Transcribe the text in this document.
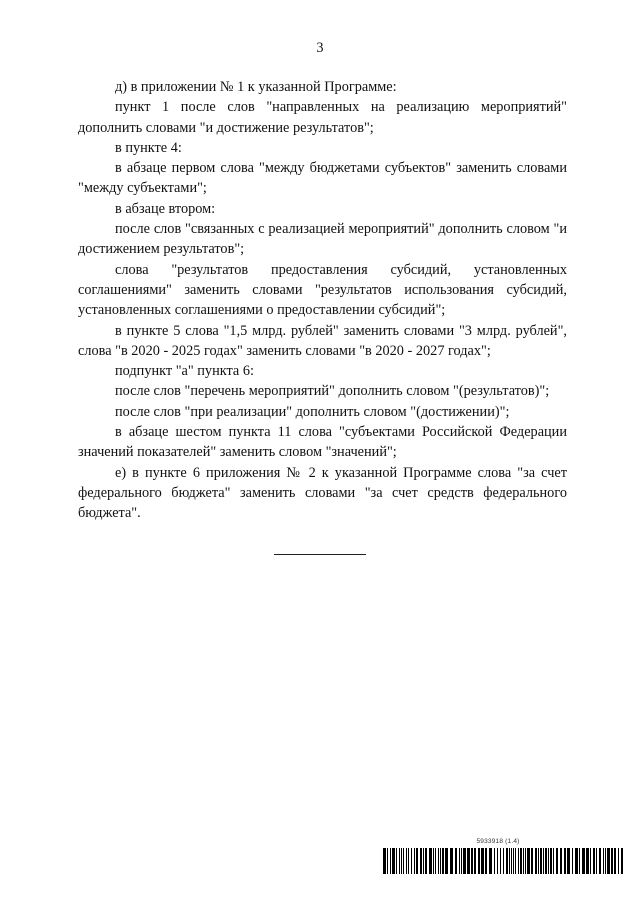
3

д) в приложении № 1 к указанной Программе:

пункт 1 после слов "направленных на реализацию мероприятий" дополнить словами "и достижение результатов";

в пункте 4:

в абзаце первом слова "между бюджетами субъектов" заменить словами "между субъектами";

в абзаце втором:

после слов "связанных с реализацией мероприятий" дополнить словом "и достижением результатов";

слова "результатов предоставления субсидий, установленных соглашениями" заменить словами "результатов использования субсидий, установленных соглашениями о предоставлении субсидий";

в пункте 5 слова "1,5 млрд. рублей" заменить словами "3 млрд. рублей", слова "в 2020 - 2025 годах" заменить словами "в 2020 - 2027 годах";

подпункт "а" пункта 6:

после слов "перечень мероприятий" дополнить словом "(результатов)";

после слов "при реализации" дополнить словом "(достижении)";

в абзаце шестом пункта 11 слова "субъектами Российской Федерации значений показателей" заменить словом "значений";

е) в пункте 6 приложения № 2 к указанной Программе слова "за счет федерального бюджета" заменить словами "за счет средств федерального бюджета".

5933918 (1.4)
